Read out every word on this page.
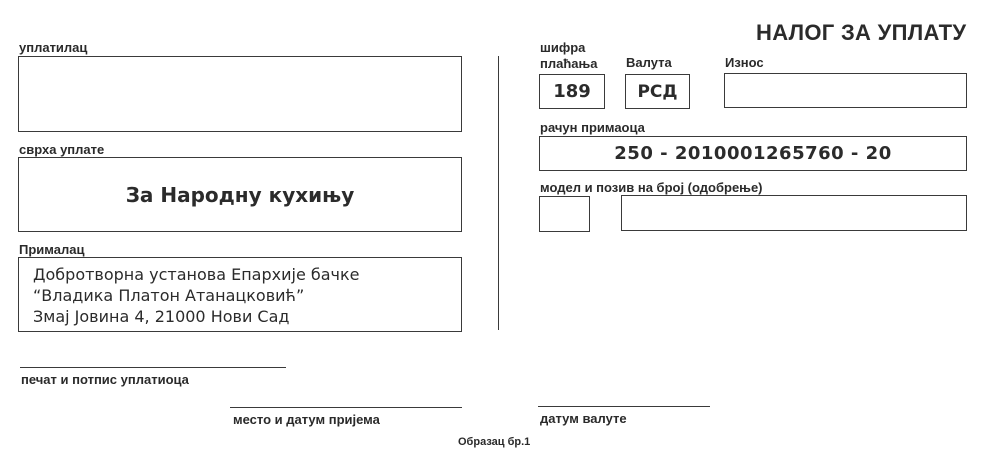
НАЛОГ ЗА УПЛАТУ
уплатилац
сврха уплате
За Народну кухињу
Прималац
Добротворна установа Епархије бачке
“Владика Платон Атанацковић”
Змај Јовина 4, 21000 Нови Сад
печат и потпис уплатиоца
шифра
плаћања
189
Валута
РСД
Износ
рачун примаоца
250 - 2010001265760 - 20
модел и позив на број (одобрење)
место и датум пријема	датум валуте
Образац бр.1
